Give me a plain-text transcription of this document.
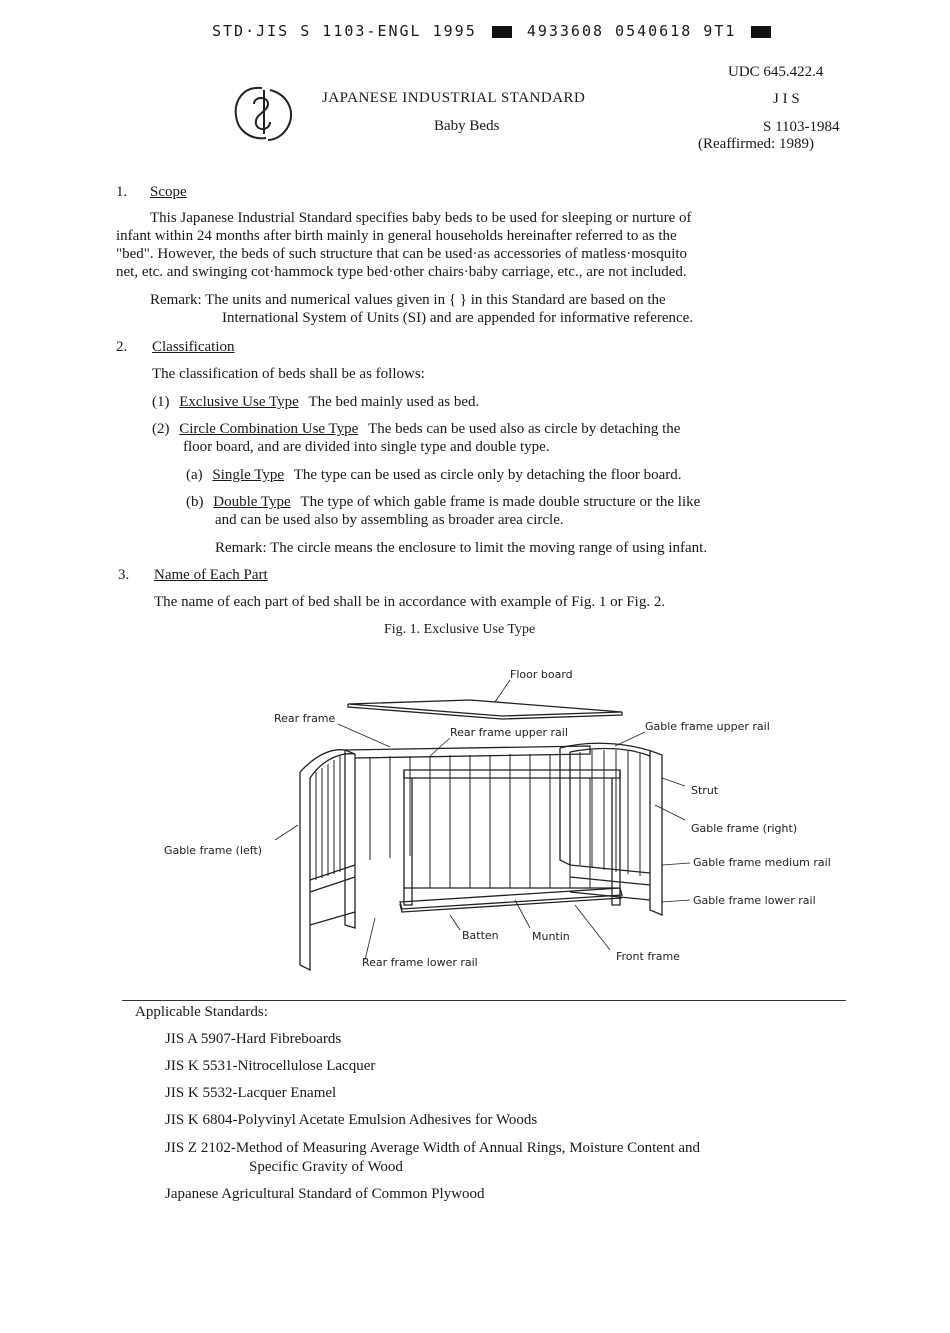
STD·JIS S 1103-ENGL 1995	4933608 0540618 9T1
UDC 645.422.4
JAPANESE INDUSTRIAL STANDARD	J I S
Baby Beds	S 1103-1984
(Reaffirmed: 1989)
1. Scope
This Japanese Industrial Standard specifies baby beds to be used for sleeping or nurture of
infant within 24 months after birth mainly in general households hereinafter referred to as the
"bed". However, the beds of such structure that can be used·as accessories of matless·mosquito
net, etc. and swinging cot·hammock type bed·other chairs·baby carriage, etc., are not included.
Remark: The units and numerical values given in { } in this Standard are based on the
International System of Units (SI) and are appended for informative reference.
2. Classification
The classification of beds shall be as follows:
(1) Exclusive Use Type The bed mainly used as bed.
(2) Circle Combination Use Type The beds can be used also as circle by detaching the
floor board, and are divided into single type and double type.
(a) Single Type The type can be used as circle only by detaching the floor board.
(b) Double Type The type of which gable frame is made double structure or the like
and can be used also by assembling as broader area circle.
Remark: The circle means the enclosure to limit the moving range of using infant.
3. Name of Each Part
The name of each part of bed shall be in accordance with example of Fig. 1 or Fig. 2.
Fig. 1. Exclusive Use Type
Floor board
Rear frame
Rear frame upper rail	Gable frame upper rail
Strut
Gable frame (right)
Gable frame medium rail
Gable frame lower rail
Gable frame (left)
Batten	Muntin
Front frame
Rear frame lower rail
Applicable Standards:
JIS A 5907-Hard Fibreboards
JIS K 5531-Nitrocellulose Lacquer
JIS K 5532-Lacquer Enamel
JIS K 6804-Polyvinyl Acetate Emulsion Adhesives for Woods
JIS Z 2102-Method of Measuring Average Width of Annual Rings, Moisture Content and
Specific Gravity of Wood
Japanese Agricultural Standard of Common Plywood
